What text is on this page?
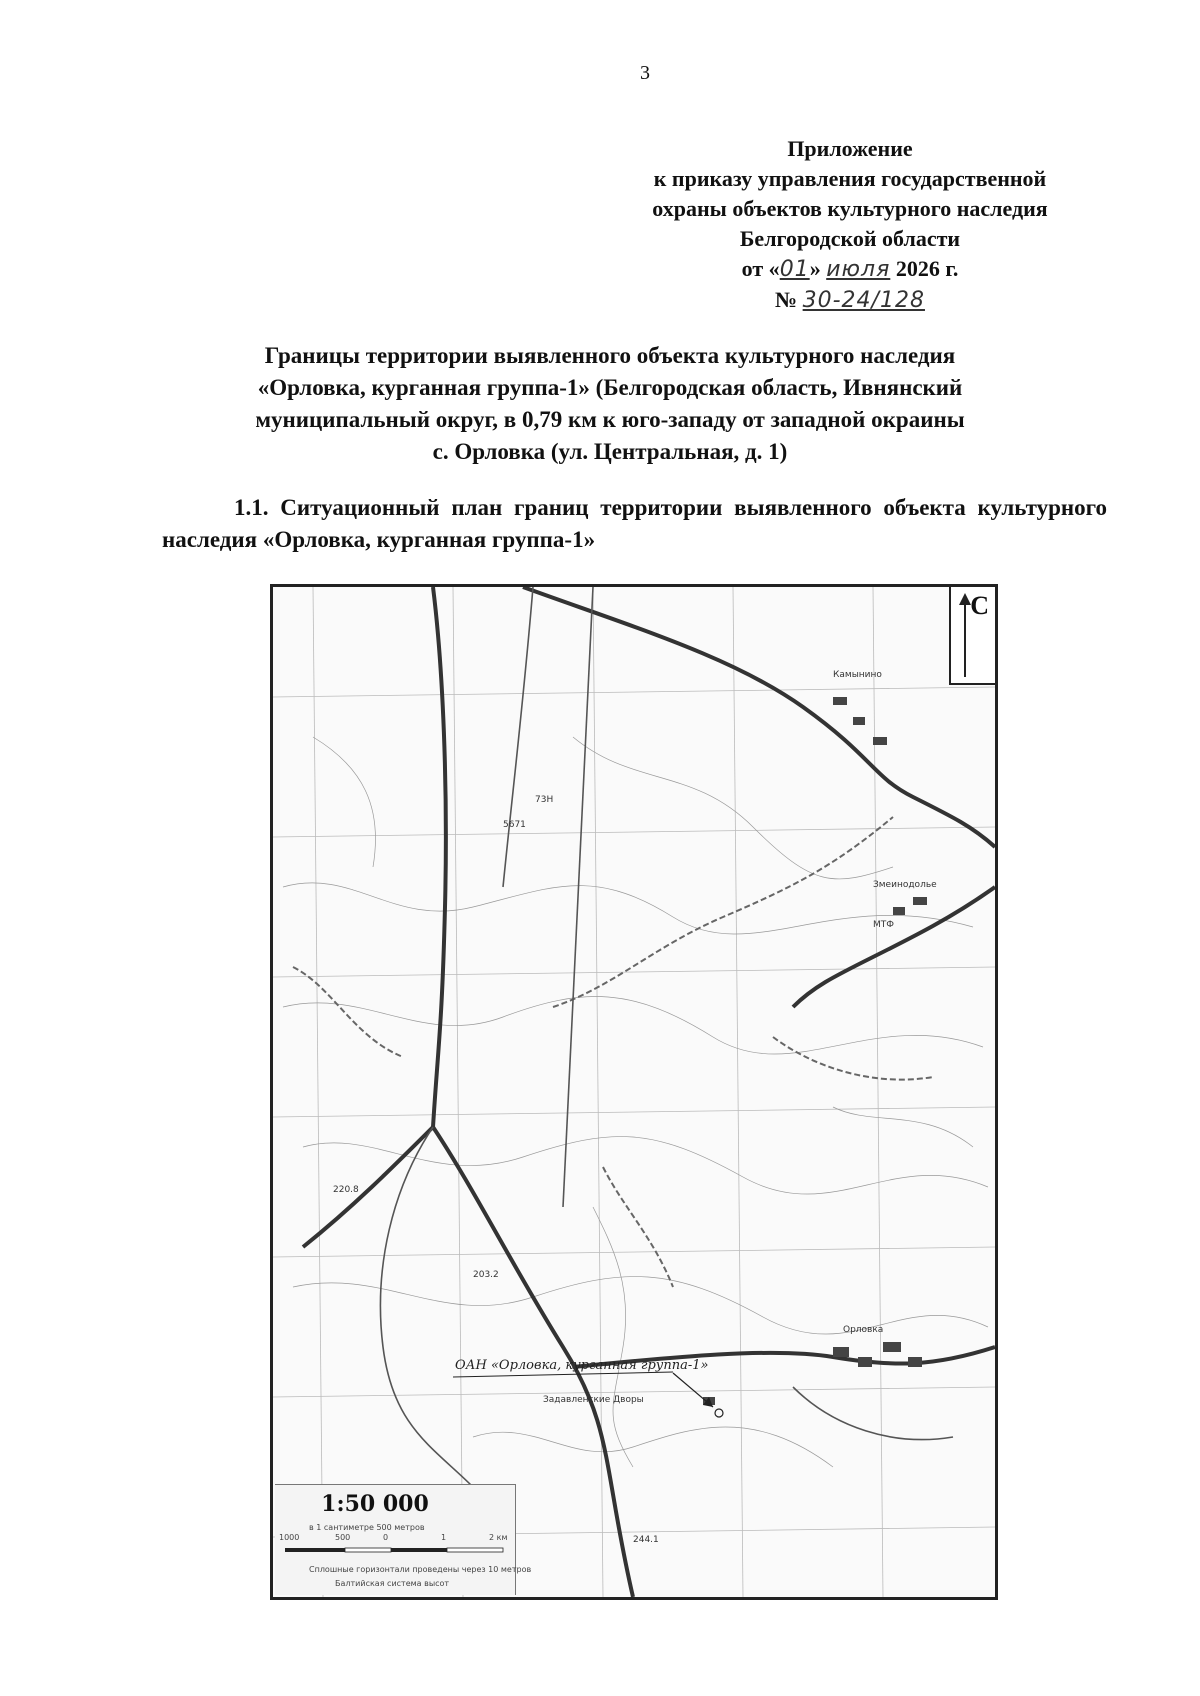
3
Приложение
к приказу управления государственной
охраны объектов культурного наследия
Белгородской области
от «01» июля 2026 г.
№ 30-24/128
Границы территории выявленного объекта культурного наследия
«Орловка, курганная группа-1» (Белгородская область, Ивнянский
муниципальный округ, в 0,79 км к юго-западу от западной окраины
с. Орловка (ул. Центральная, д. 1)
1.1. Ситуационный план границ территории выявленного объекта культурного наследия «Орловка, курганная группа-1»
Камынино
Змеинодолье
Орловка
Задавленские Дворы
МТФ
5671
73Н
244.1
203.2
220.8
ОАН «Орловка, курганная группа-1»
С
1:50 000
в 1 сантиметре 500 метров
1000	500	0	1	2 км
Сплошные горизонтали проведены через 10 метров
Балтийская система высот
